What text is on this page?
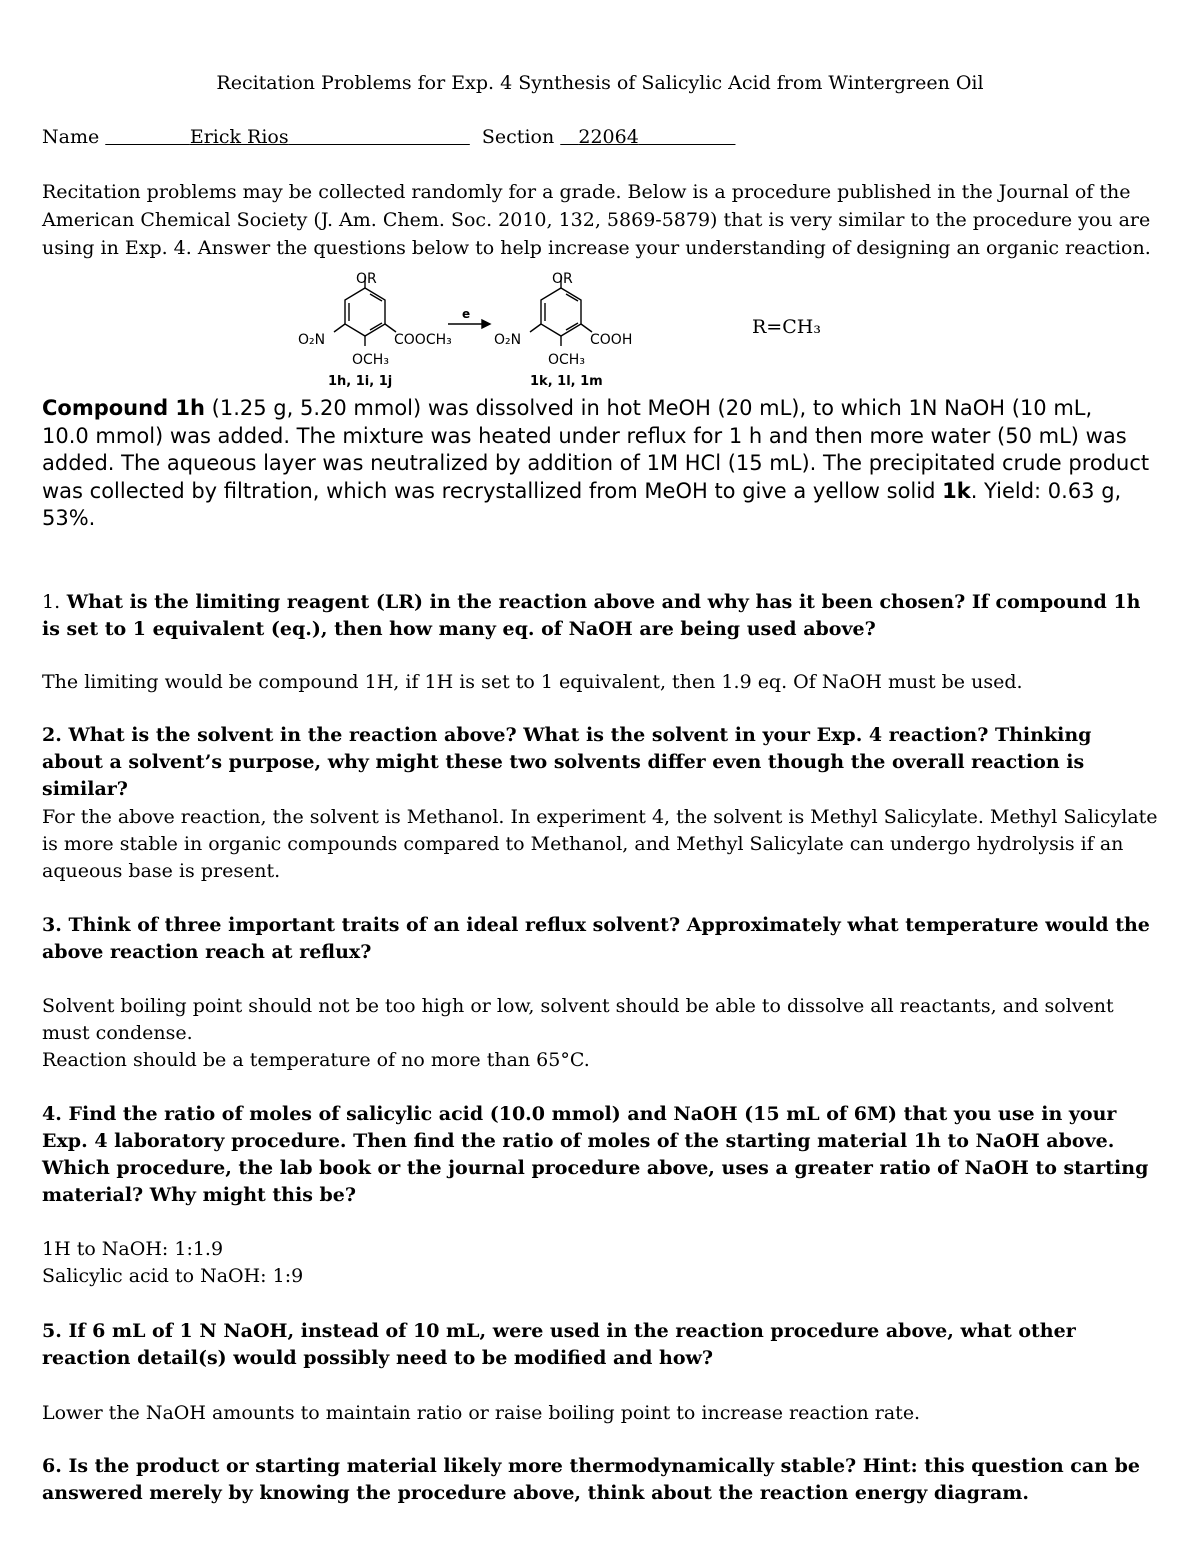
Recitation Problems for Exp. 4 Synthesis of Salicylic Acid from Wintergreen Oil
Name	Erick Rios	Section 22064
Recitation problems may be collected randomly for a grade. Below is a procedure published in the Journal of the American Chemical Society (J. Am. Chem. Soc. 2010, 132, 5869-5879) that is very similar to the procedure you are using in Exp. 4. Answer the questions below to help increase your understanding of designing an organic reaction.
OR
O₂N	COOCH₃
OCH₃
1h, 1i, 1j
OR
O₂N	COOH
OCH₃
1k, 1l, 1m
e
R=CH₃
Compound 1h (1.25 g, 5.20 mmol) was dissolved in hot MeOH (20 mL), to which 1N NaOH (10 mL,
10.0 mmol) was added. The mixture was heated under reflux for 1 h and then more water (50 mL) was added. The aqueous layer was neutralized by addition of 1M HCl (15 mL). The precipitated crude product was collected by filtration, which was recrystallized from MeOH to give a yellow solid 1k. Yield: 0.63 g, 53%.
1. What is the limiting reagent (LR) in the reaction above and why has it been chosen? If compound 1h is set to 1 equivalent (eq.), then how many eq. of NaOH are being used above?
The limiting would be compound 1H, if 1H is set to 1 equivalent, then 1.9 eq. Of NaOH must be used.
2. What is the solvent in the reaction above? What is the solvent in your Exp. 4 reaction? Thinking about a solvent’s purpose, why might these two solvents differ even though the overall reaction is similar?
For the above reaction, the solvent is Methanol. In experiment 4, the solvent is Methyl Salicylate. Methyl Salicylate is more stable in organic compounds compared to Methanol, and Methyl Salicylate can undergo hydrolysis if an aqueous base is present.
3. Think of three important traits of an ideal reflux solvent? Approximately what temperature would the above reaction reach at reflux?
Solvent boiling point should not be too high or low, solvent should be able to dissolve all reactants, and solvent must condense.
Reaction should be a temperature of no more than 65°C.
4. Find the ratio of moles of salicylic acid (10.0 mmol) and NaOH (15 mL of 6M) that you use in your Exp. 4 laboratory procedure. Then find the ratio of moles of the starting material 1h to NaOH above. Which procedure, the lab book or the journal procedure above, uses a greater ratio of NaOH to starting material? Why might this be?
1H to NaOH: 1:1.9
Salicylic acid to NaOH: 1:9
5. If 6 mL of 1 N NaOH, instead of 10 mL, were used in the reaction procedure above, what other reaction detail(s) would possibly need to be modified and how?
Lower the NaOH amounts to maintain ratio or raise boiling point to increase reaction rate.
6. Is the product or starting material likely more thermodynamically stable? Hint: this question can be answered merely by knowing the procedure above, think about the reaction energy diagram.
